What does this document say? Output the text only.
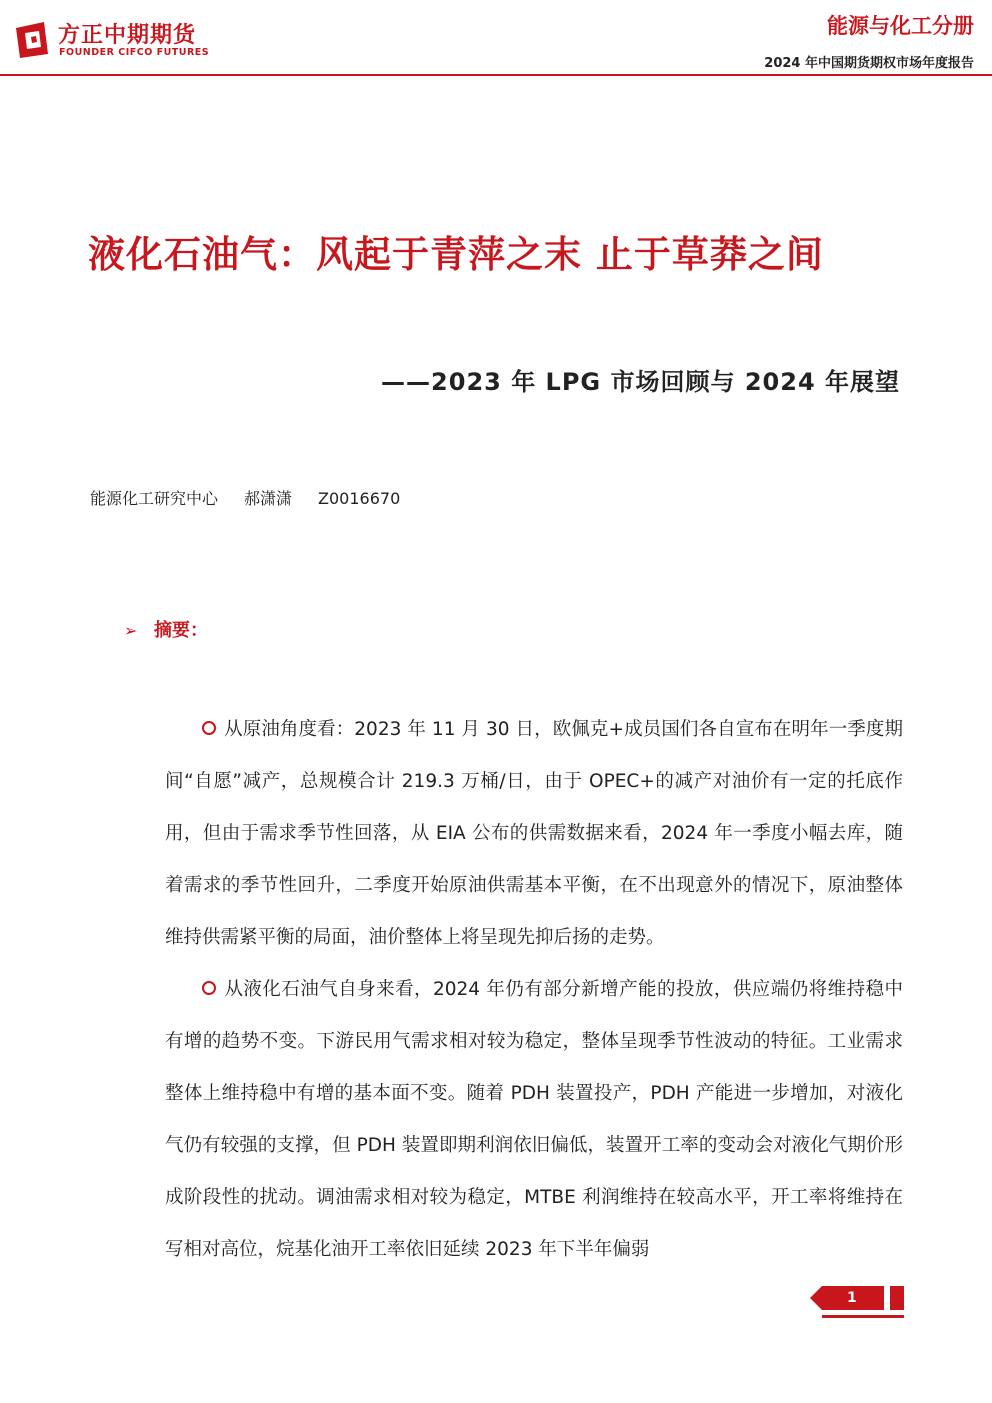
方正中期期货
FOUNDER CIFCO FUTURES
能源与化工分册
2024 年中国期货期权市场年度报告
液化石油气：风起于青萍之末 止于草莽之间
——2023 年 LPG 市场回顾与 2024 年展望
能源化工研究中心 郝潇潇 Z0016670
➢ 摘要：
从原油角度看：2023 年 11 月 30 日，欧佩克+成员国们各自宣布在明年一季度期间“自愿”减产，总规模合计 219.3 万桶/日，由于 OPEC+的减产对油价有一定的托底作用，但由于需求季节性回落，从 EIA 公布的供需数据来看，2024 年一季度小幅去库，随着需求的季节性回升，二季度开始原油供需基本平衡，在不出现意外的情况下，原油整体维持供需紧平衡的局面，油价整体上将呈现先抑后扬的走势。
从液化石油气自身来看，2024 年仍有部分新增产能的投放，供应端仍将维持稳中有增的趋势不变。下游民用气需求相对较为稳定，整体呈现季节性波动的特征。工业需求整体上维持稳中有增的基本面不变。随着 PDH 装置投产，PDH 产能进一步增加，对液化气仍有较强的支撑，但 PDH 装置即期利润依旧偏低，装置开工率的变动会对液化气期价形成阶段性的扰动。调油需求相对较为稳定，MTBE 利润维持在较高水平，开工率将维持在写相对高位，烷基化油开工率依旧延续 2023 年下半年偏弱
1
